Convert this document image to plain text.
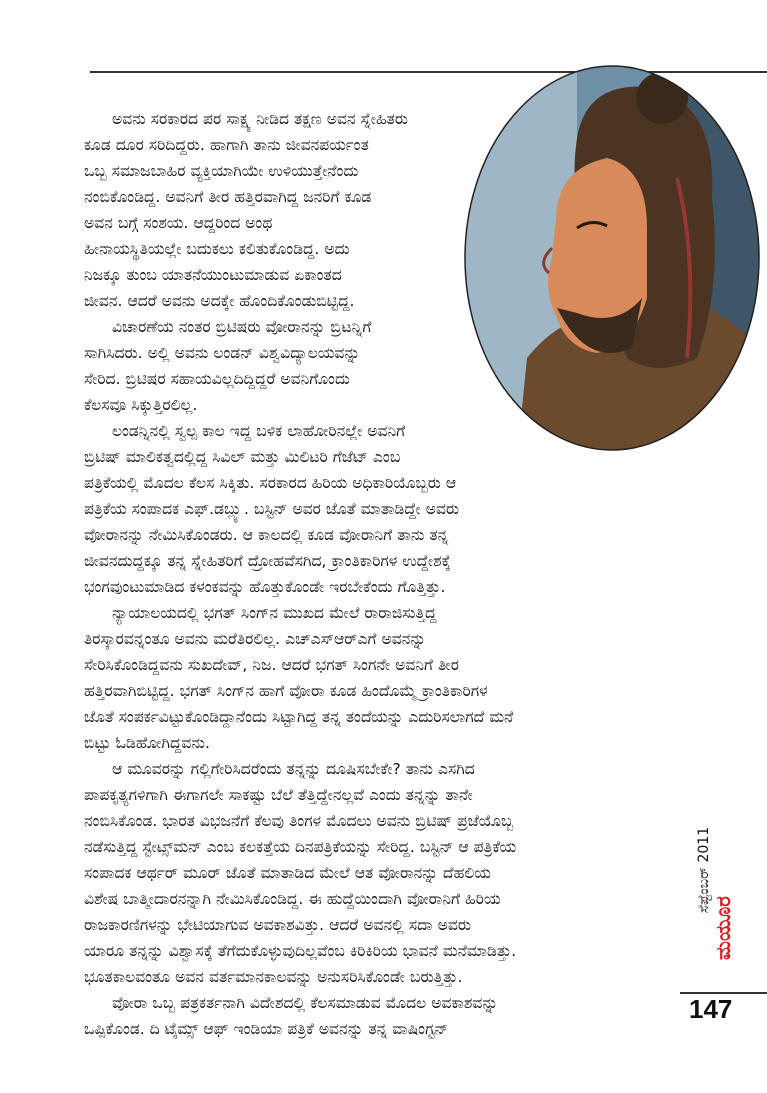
ಅವನು ಸರಕಾರದ ಪರ ಸಾಕ್ಷ್ಯ ನೀಡಿದ ತಕ್ಷಣ ಅವನ ಸ್ನೇಹಿತರು
ಕೂಡ ದೂರ ಸರಿದಿದ್ದರು. ಹಾಗಾಗಿ ತಾನು ಜೀವನಪರ್ಯಂತ
ಒಬ್ಬ ಸಮಾಜಬಾಹಿರ ವ್ಯಕ್ತಿಯಾಗಿಯೇ ಉಳಿಯುತ್ತೇನೆಂದು
ನಂಬಿಕೊಂಡಿದ್ದ. ಅವನಿಗೆ ತೀರ ಹತ್ತಿರವಾಗಿದ್ದ ಜನರಿಗೆ ಕೂಡ
ಅವನ ಬಗ್ಗೆ ಸಂಶಯ. ಆದ್ದರಿಂದ ಅಂಥ
ಹೀನಾಯಸ್ಥಿತಿಯಲ್ಲೇ ಬದುಕಲು ಕಲಿತುಕೊಂಡಿದ್ದ. ಅದು
ನಿಜಕ್ಕೂ ತುಂಬ ಯಾತನೆಯುಂಟುಮಾಡುವ ಏಕಾಂತದ
ಜೀವನ. ಆದರೆ ಅವನು ಅದಕ್ಕೇ ಹೊಂದಿಕೊಂಡುಬಿಟ್ಟಿದ್ದ.
ವಿಚಾರಣೆಯ ನಂತರ ಬ್ರಿಟಿಷರು ವೋರಾನನ್ನು ಬ್ರಿಟನ್ನಿಗೆ
ಸಾಗಿಸಿದರು. ಅಲ್ಲಿ ಅವನು ಲಂಡನ್ ವಿಶ್ವವಿದ್ಯಾಲಯವನ್ನು
ಸೇರಿದ. ಬ್ರಿಟಿಷರ ಸಹಾಯವಿಲ್ಲದಿದ್ದಿದ್ದರೆ ಅವನಿಗೊಂದು
ಕೆಲಸವೂ ಸಿಕ್ಕುತ್ತಿರಲಿಲ್ಲ.
ಲಂಡನ್ನಿನಲ್ಲಿ ಸ್ವಲ್ಪ ಕಾಲ ಇದ್ದ ಬಳಿಕ ಲಾಹೋರಿನಲ್ಲೇ ಅವನಿಗೆ
ಬ್ರಿಟಿಷ್ ಮಾಲಿಕತ್ವದಲ್ಲಿದ್ದ ಸಿವಿಲ್ ಮತ್ತು ಮಿಲಿಟರಿ ಗೆಜೆಟ್ ಎಂಬ
ಪತ್ರಿಕೆಯಲ್ಲಿ ಮೊದಲ ಕೆಲಸ ಸಿಕ್ಕಿತು. ಸರಕಾರದ ಹಿರಿಯ ಅಧಿಕಾರಿಯೊಬ್ಬರು ಆ
ಪತ್ರಿಕೆಯ ಸಂಪಾದಕ ಎಫ್.ಡಬ್ಲ್ಯು. ಬಸ್ಟಿನ್ ಅವರ ಜೊತೆ ಮಾತಾಡಿದ್ದೇ ಅವರು
ವೋರಾನನ್ನು ನೇಮಿಸಿಕೊಂಡರು. ಆ ಕಾಲದಲ್ಲಿ ಕೂಡ ವೋರಾನಿಗೆ ತಾನು ತನ್ನ
ಜೀವನದುದ್ದಕ್ಕೂ ತನ್ನ ಸ್ನೇಹಿತರಿಗೆ ದ್ರೋಹವೆಸಗಿದ, ಕ್ರಾಂತಿಕಾರಿಗಳ ಉದ್ದೇಶಕ್ಕೆ
ಭಂಗವುಂಟುಮಾಡಿದ ಕಳಂಕವನ್ನು ಹೊತ್ತುಕೊಂಡೇ ಇರಬೇಕೆಂದು ಗೊತ್ತಿತ್ತು.
ನ್ಯಾಯಾಲಯದಲ್ಲಿ ಭಗತ್ ಸಿಂಗ್‌ನ ಮುಖದ ಮೇಲೆ ರಾರಾಜಿಸುತ್ತಿದ್ದ
ತಿರಸ್ಕಾರವನ್ನಂತೂ ಅವನು ಮರೆತಿರಲಿಲ್ಲ. ಎಚ್‌ಎಸ್‌ಆರ್‌ಎಗೆ ಅವನನ್ನು
ಸೇರಿಸಿಕೊಂಡಿದ್ದವನು ಸುಖದೇವ್, ನಿಜ. ಆದರೆ ಭಗತ್ ಸಿಂಗನೇ ಅವನಿಗೆ ತೀರ
ಹತ್ತಿರವಾಗಿಬಿಟ್ಟಿದ್ದ. ಭಗತ್ ಸಿಂಗ್‌ನ ಹಾಗೆ ವೋರಾ ಕೂಡ ಹಿಂದೊಮ್ಮೆ ಕ್ರಾಂತಿಕಾರಿಗಳ
ಜೊತೆ ಸಂಪರ್ಕವಿಟ್ಟುಕೊಂಡಿದ್ದಾನೆಂದು ಸಿಟ್ಟಾಗಿದ್ದ ತನ್ನ ತಂದೆಯನ್ನು ಎದುರಿಸಲಾಗದೆ ಮನೆ
ಬಿಟ್ಟು ಓಡಿಹೋಗಿದ್ದವನು.
ಆ ಮೂವರನ್ನು ಗಲ್ಲಿಗೇರಿಸಿದರೆಂದು ತನ್ನನ್ನು ದೂಷಿಸಬೇಕೇ? ತಾನು ಎಸಗಿದ
ಪಾಪಕೃತ್ಯಗಳಿಗಾಗಿ ಈಗಾಗಲೇ ಸಾಕಷ್ಟು ಬೆಲೆ ತೆತ್ತಿದ್ದೇನಲ್ಲವೆ ಎಂದು ತನ್ನನ್ನು ತಾನೇ
ನಂಬಿಸಿಕೊಂಡ. ಭಾರತ ವಿಭಜನೆಗೆ ಕೆಲವು ತಿಂಗಳ ಮೊದಲು ಅವನು ಬ್ರಿಟಿಷ್ ಪ್ರಜೆಯೊಬ್ಬ
ನಡೆಸುತ್ತಿದ್ದ ಸ್ಟೇಟ್ಸ್‌ಮನ್ ಎಂಬ ಕಲಕತ್ತೆಯ ದಿನಪತ್ರಿಕೆಯನ್ನು ಸೇರಿದ್ದ. ಬಸ್ಟಿನ್ ಆ ಪತ್ರಿಕೆಯ
ಸಂಪಾದಕ ಆರ್ಥರ್ ಮೂರ್ ಜೊತೆ ಮಾತಾಡಿದ ಮೇಲೆ ಆತ ವೋರಾನನ್ನು ದೆಹಲಿಯ
ವಿಶೇಷ ಬಾತ್ಮೀದಾರನನ್ನಾಗಿ ನೇಮಿಸಿಕೊಂಡಿದ್ದ. ಈ ಹುದ್ದೆಯಿಂದಾಗಿ ವೋರಾನಿಗೆ ಹಿರಿಯ
ರಾಜಕಾರಣಿಗಳನ್ನು ಭೇಟಿಯಾಗುವ ಅವಕಾಶವಿತ್ತು. ಆದರೆ ಅವನಲ್ಲಿ ಸದಾ ಅವರು
ಯಾರೂ ತನ್ನನ್ನು ವಿಶ್ವಾಸಕ್ಕೆ ತೆಗೆದುಕೊಳ್ಳುವುದಿಲ್ಲವೆಂಬ ಕಿರಿಕಿರಿಯ ಭಾವನೆ ಮನೆಮಾಡಿತ್ತು.
ಭೂತಕಾಲವಂತೂ ಅವನ ವರ್ತಮಾನಕಾಲವನ್ನು ಅನುಸರಿಸಿಕೊಂಡೇ ಬರುತ್ತಿತ್ತು.
ವೋರಾ ಒಬ್ಬ ಪತ್ರಕರ್ತನಾಗಿ ವಿದೇಶದಲ್ಲಿ ಕೆಲಸಮಾಡುವ ಮೊದಲ ಅವಕಾಶವನ್ನು
ಒಪ್ಪಿಕೊಂಡ. ದಿ ಟೈಮ್ಸ್ ಆಫ್ ಇಂಡಿಯಾ ಪತ್ರಿಕೆ ಅವನನ್ನು ತನ್ನ ವಾಷಿಂಗ್ಟನ್
ಸೆಪ್ಟೆಂಬರ್ 2011
ಮಯೂರ
147
